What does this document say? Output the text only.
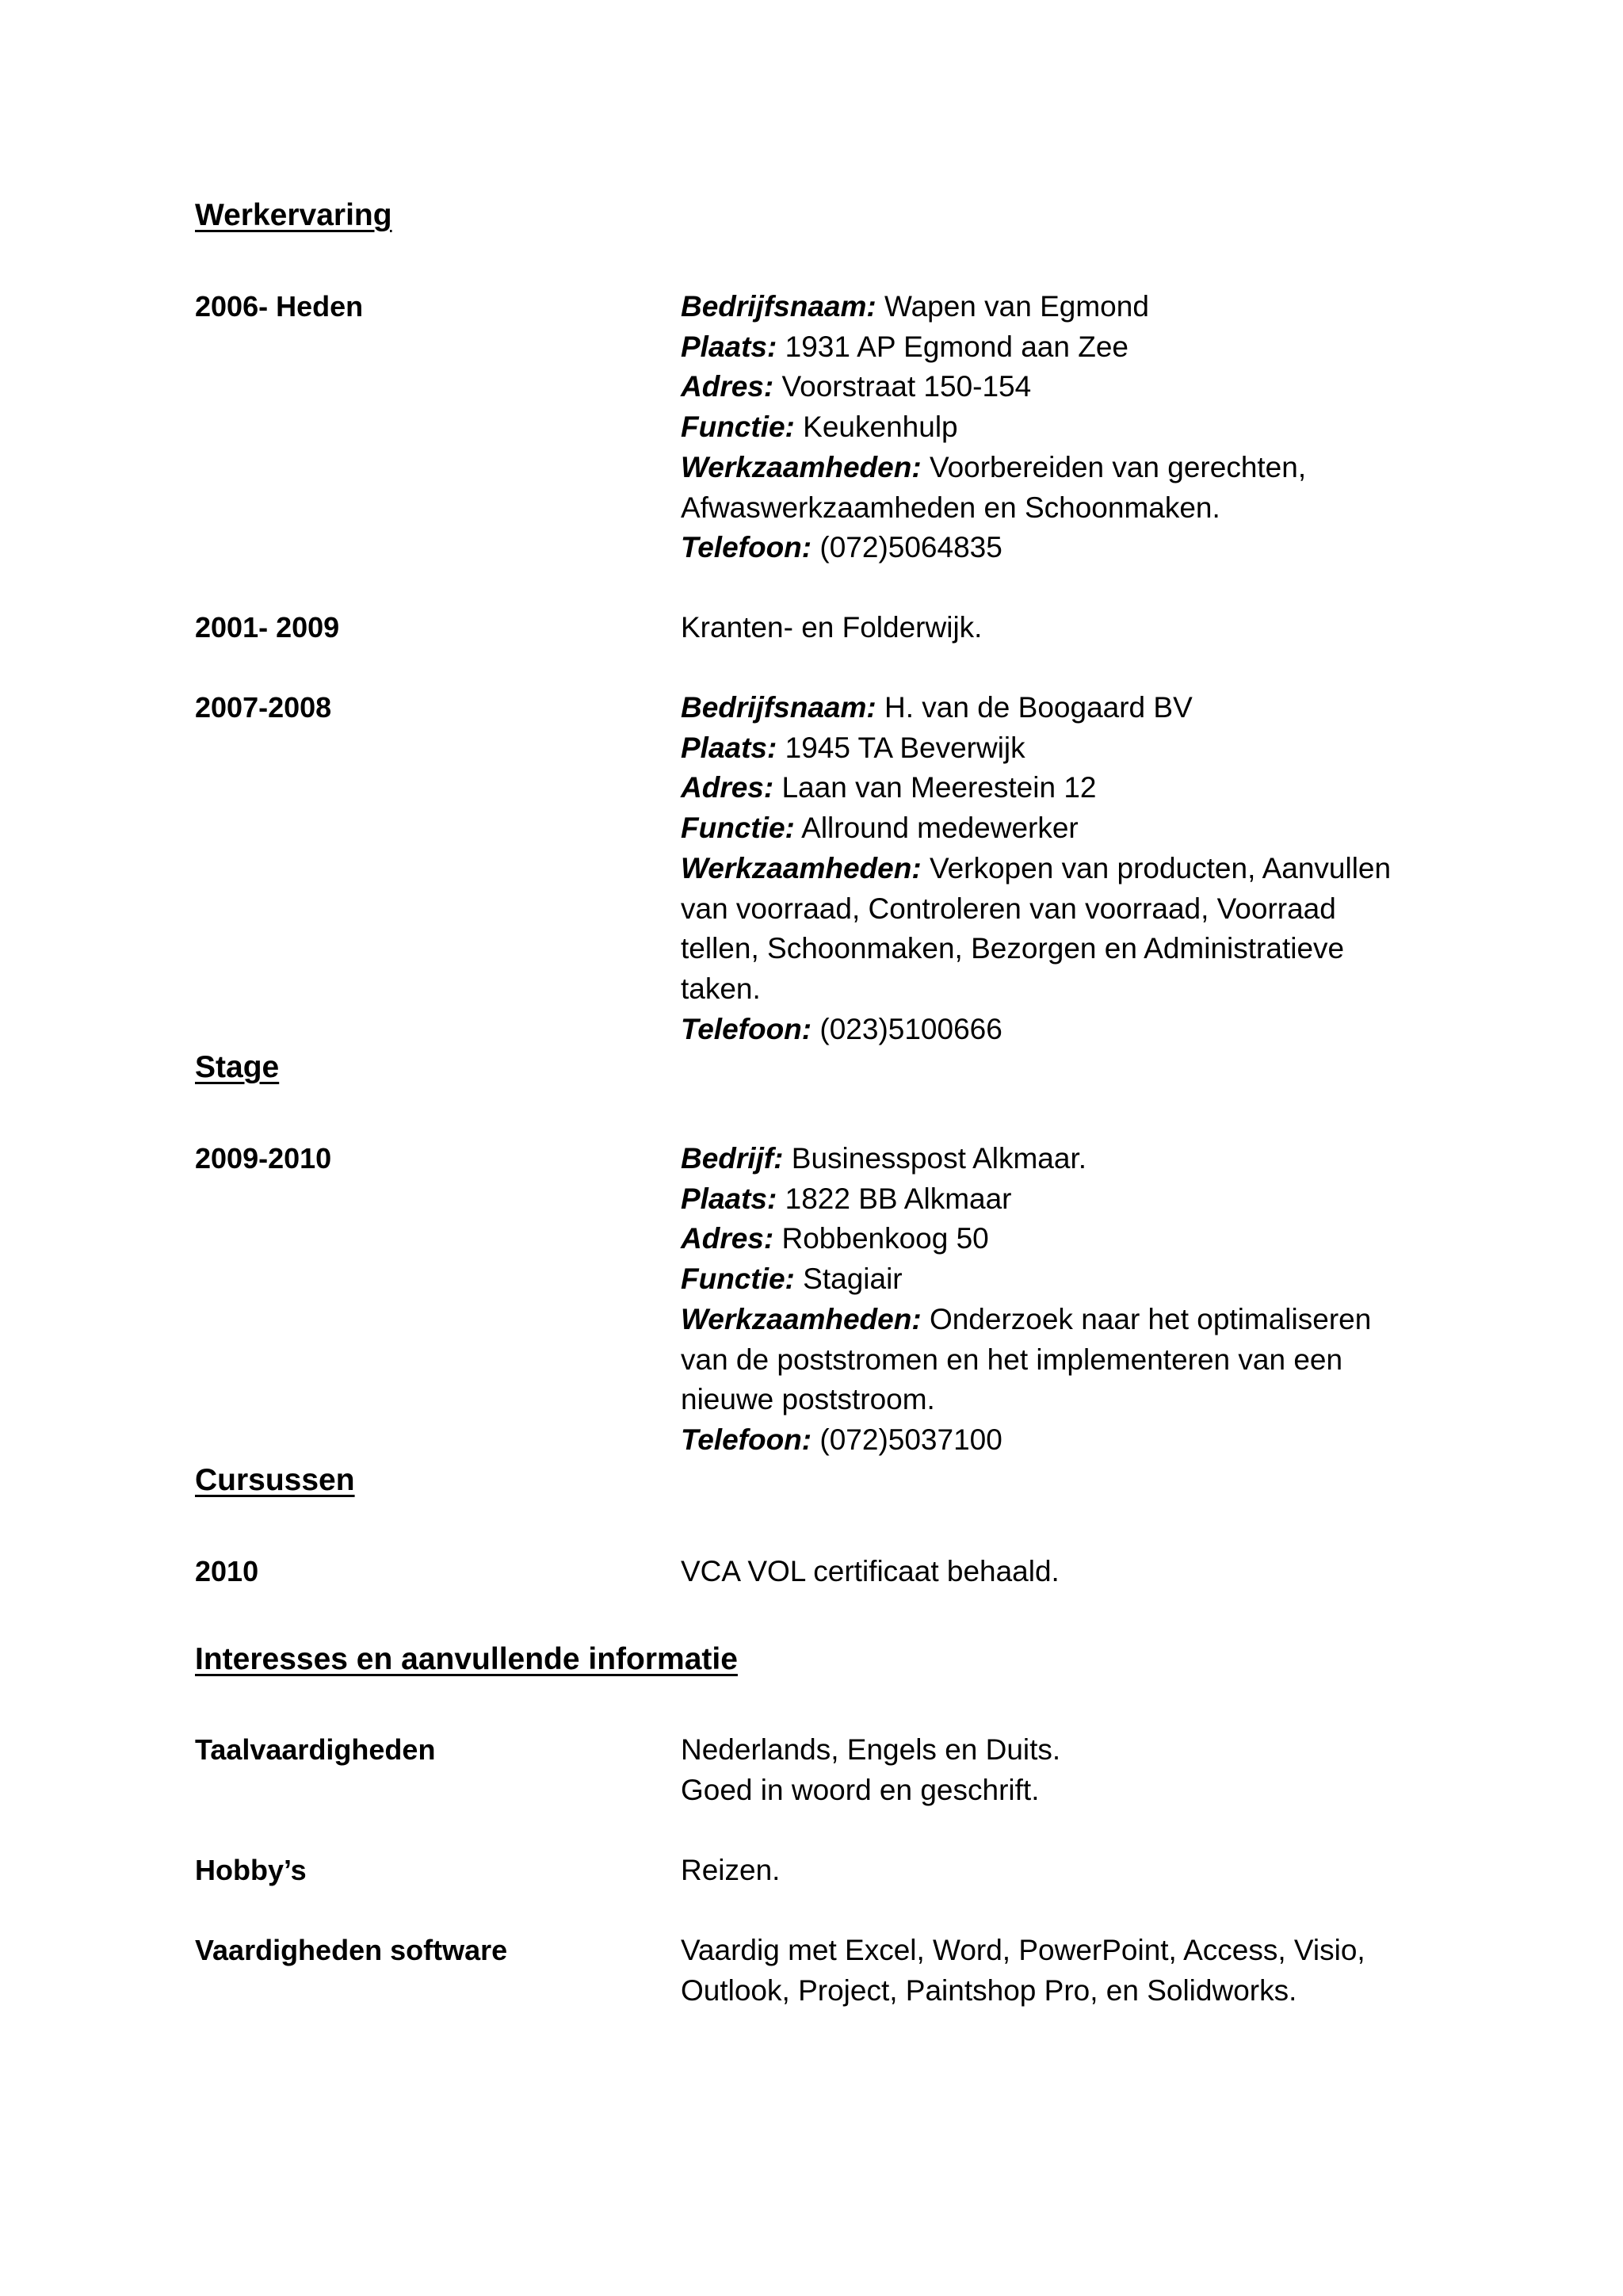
Werkervaring
2006- Heden	Bedrijfsnaam: Wapen van Egmond
Plaats: 1931 AP Egmond aan Zee
Adres: Voorstraat 150-154
Functie: Keukenhulp
Werkzaamheden: Voorbereiden van gerechten,
Afwaswerkzaamheden en Schoonmaken.
Telefoon: (072)5064835
2001- 2009	Kranten- en Folderwijk.
2007-2008	Bedrijfsnaam: H. van de Boogaard BV
Plaats: 1945 TA Beverwijk
Adres: Laan van Meerestein 12
Functie: Allround medewerker
Werkzaamheden: Verkopen van producten, Aanvullen
van voorraad, Controleren van voorraad, Voorraad
tellen, Schoonmaken, Bezorgen en Administratieve
taken.
Telefoon: (023)5100666
Stage
2009-2010	Bedrijf: Businesspost Alkmaar.
Plaats: 1822 BB Alkmaar
Adres: Robbenkoog 50
Functie: Stagiair
Werkzaamheden: Onderzoek naar het optimaliseren
van de poststromen en het implementeren van een
nieuwe poststroom.
Telefoon: (072)5037100
Cursussen
2010	VCA VOL certificaat behaald.
Interesses en aanvullende informatie
Taalvaardigheden	Nederlands, Engels en Duits.
Goed in woord en geschrift.
Hobby’s	Reizen.
Vaardigheden software	Vaardig met Excel, Word, PowerPoint, Access, Visio,
Outlook, Project, Paintshop Pro, en Solidworks.
